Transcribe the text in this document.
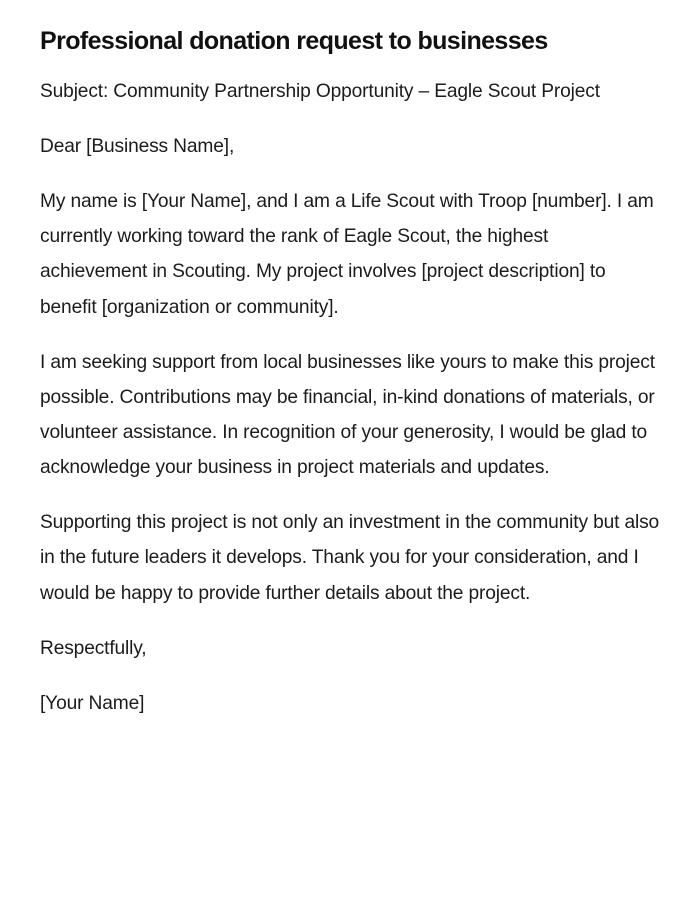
Professional donation request to businesses

Subject: Community Partnership Opportunity – Eagle Scout Project

Dear [Business Name],

My name is [Your Name], and I am a Life Scout with Troop [number]. I am currently working toward the rank of Eagle Scout, the highest achievement in Scouting. My project involves [project description] to benefit [organization or community].

I am seeking support from local businesses like yours to make this project possible. Contributions may be financial, in-kind donations of materials, or volunteer assistance. In recognition of your generosity, I would be glad to acknowledge your business in project materials and updates.

Supporting this project is not only an investment in the community but also in the future leaders it develops. Thank you for your consideration, and I would be happy to provide further details about the project.

Respectfully,

[Your Name]
